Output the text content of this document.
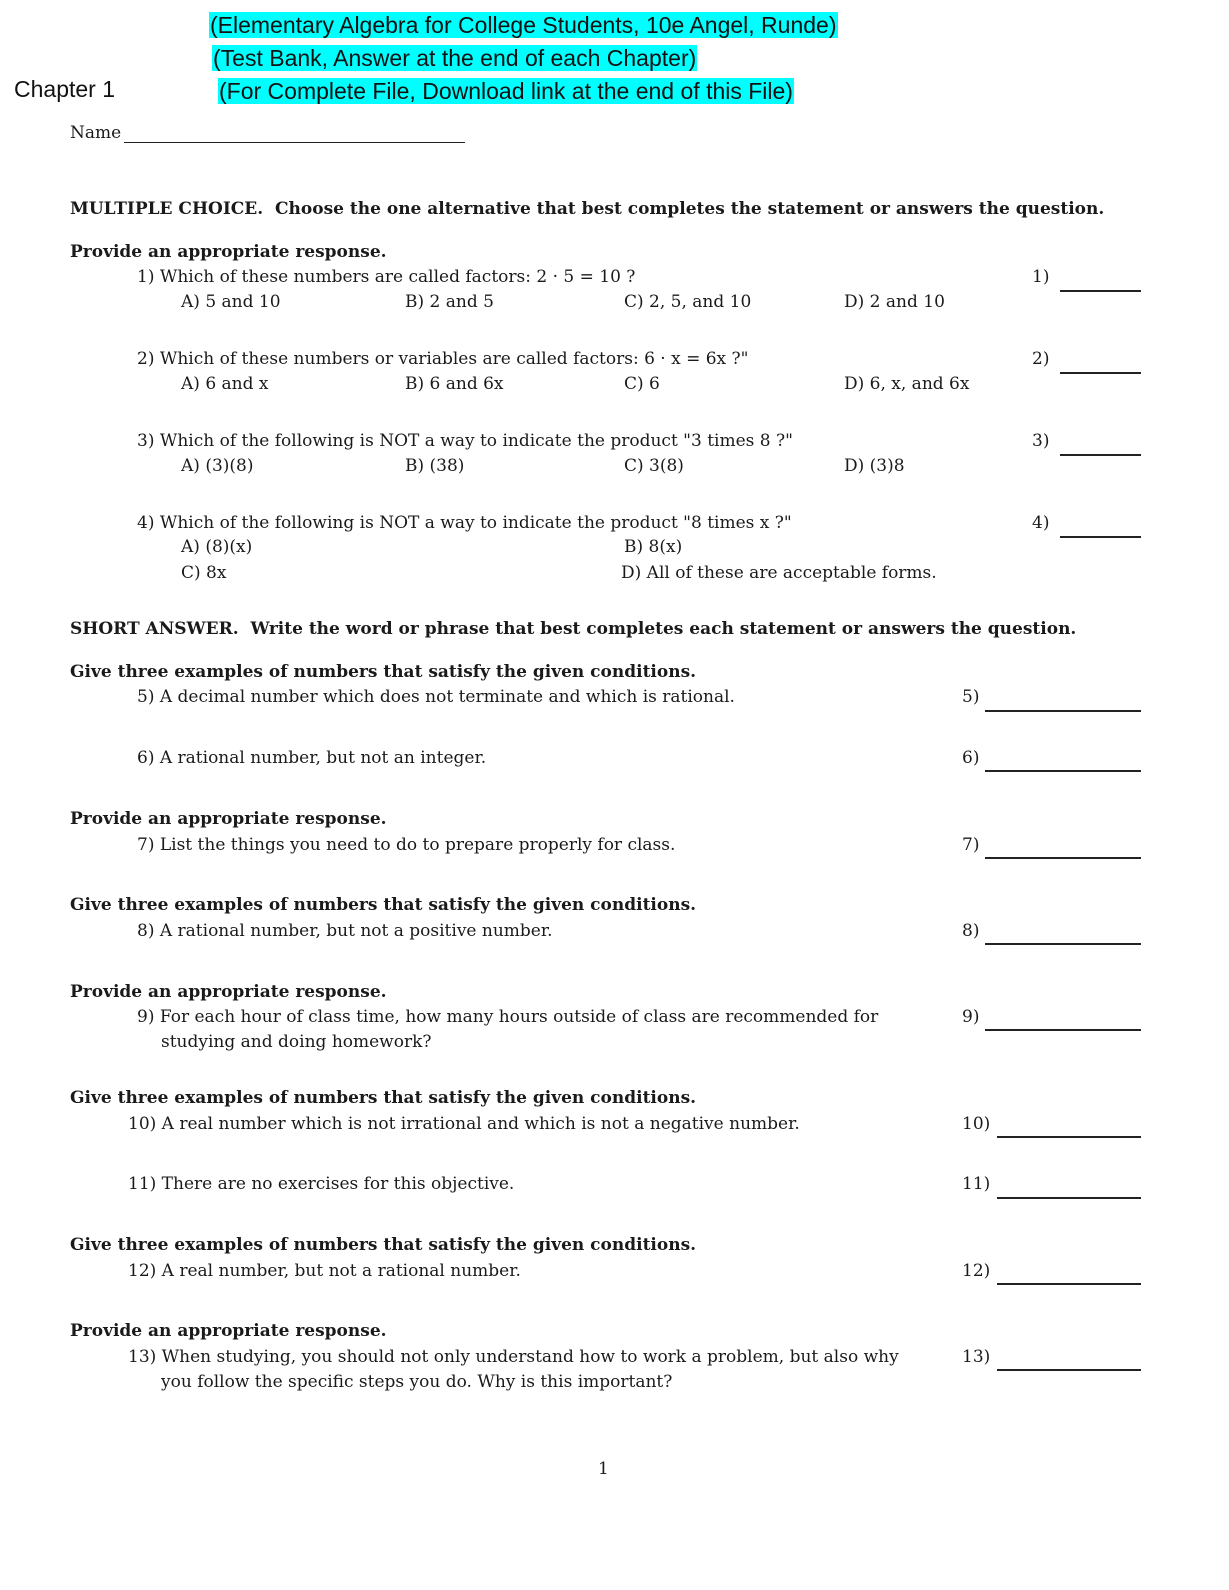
(Elementary Algebra for College Students, 10e Angel, Runde)
(Test Bank, Answer at the end of each Chapter)
(For Complete File, Download link at the end of this File)
Chapter 1
Name
MULTIPLE CHOICE. Choose the one alternative that best completes the statement or answers the question.
Provide an appropriate response.
1) Which of these numbers are called factors: 2 · 5 = 10 ?	1)
A) 5 and 10	B) 2 and 5	C) 2, 5, and 10	D) 2 and 10
2) Which of these numbers or variables are called factors: 6 · x = 6x ?"	2)
A) 6 and x	B) 6 and 6x	C) 6	D) 6, x, and 6x
3) Which of the following is NOT a way to indicate the product "3 times 8 ?"	3)
A) (3)(8)	B) (38)	C) 3(8)	D) (3)8
4) Which of the following is NOT a way to indicate the product "8 times x ?"	4)
A) (8)(x)	B) 8(x)
C) 8x	D) All of these are acceptable forms.
SHORT ANSWER. Write the word or phrase that best completes each statement or answers the question.
Give three examples of numbers that satisfy the given conditions.
5) A decimal number which does not terminate and which is rational.	5)
6) A rational number, but not an integer.	6)
Provide an appropriate response.
7) List the things you need to do to prepare properly for class.	7)
Give three examples of numbers that satisfy the given conditions.
8) A rational number, but not a positive number.	8)
Provide an appropriate response.
9) For each hour of class time, how many hours outside of class are recommended for
studying and doing homework?
9)
Give three examples of numbers that satisfy the given conditions.
10) A real number which is not irrational and which is not a negative number.	10)
11) There are no exercises for this objective.	11)
Give three examples of numbers that satisfy the given conditions.
12) A real number, but not a rational number.	12)
Provide an appropriate response.
13) When studying, you should not only understand how to work a problem, but also why
you follow the specific steps you do. Why is this important?
13)
1
